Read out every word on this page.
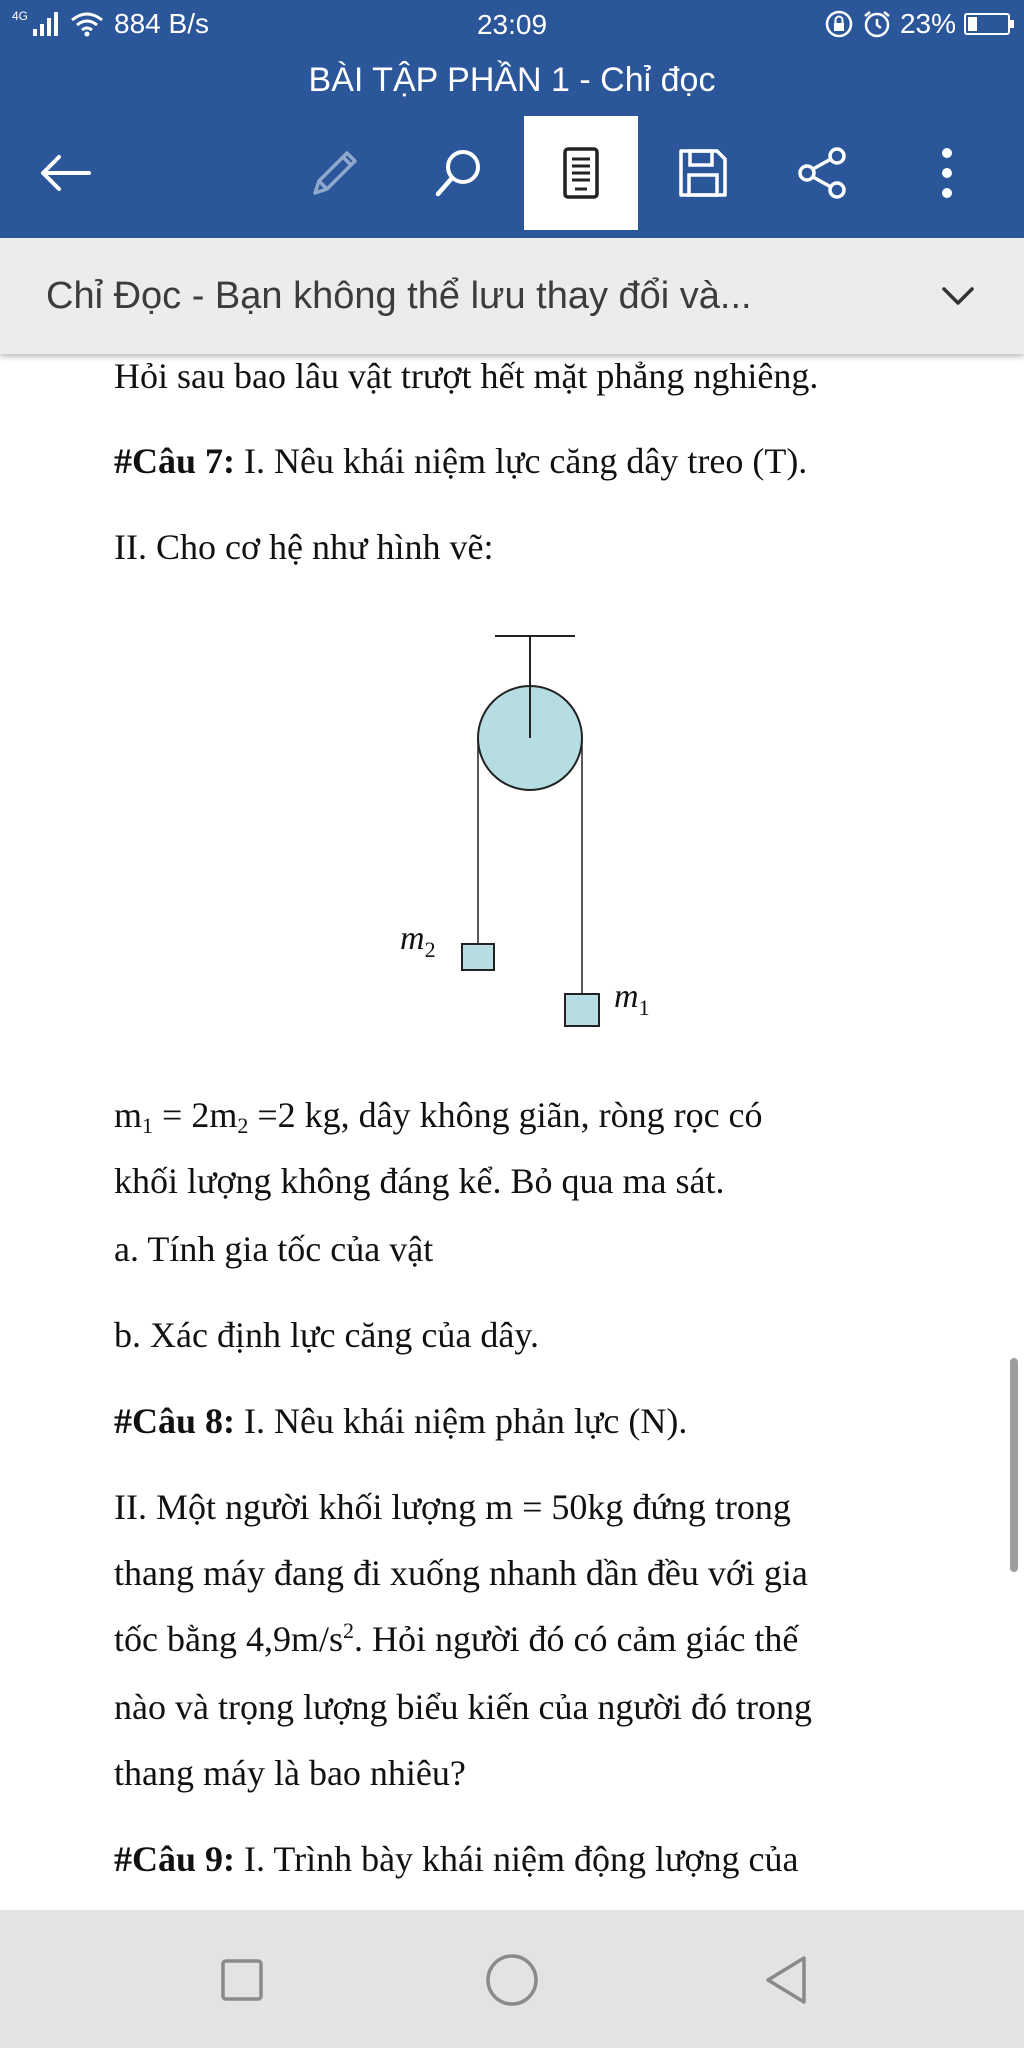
4G	884 B/s	23:09	23%
BÀI TẬP PHẦN 1 - Chỉ đọc
Chỉ Đọc - Bạn không thể lưu thay đổi và...
Hỏi sau bao lâu vật trượt hết mặt phẳng nghiêng.
#Câu 7: I. Nêu khái niệm lực căng dây treo (T).
II. Cho cơ hệ như hình vẽ:
$m_2$
$m_1$
m1 = 2m2 =2 kg, dây không giãn, ròng rọc có
khối lượng không đáng kể. Bỏ qua ma sát.
a. Tính gia tốc của vật
b. Xác định lực căng của dây.
#Câu 8: I. Nêu khái niệm phản lực (N).
II. Một người khối lượng m = 50kg đứng trong
thang máy đang đi xuống nhanh dần đều với gia
tốc bằng $4,9m/s^2$. Hỏi người đó có cảm giác thế
nào và trọng lượng biểu kiến của người đó trong
thang máy là bao nhiêu?
#Câu 9: I. Trình bày khái niệm động lượng của
